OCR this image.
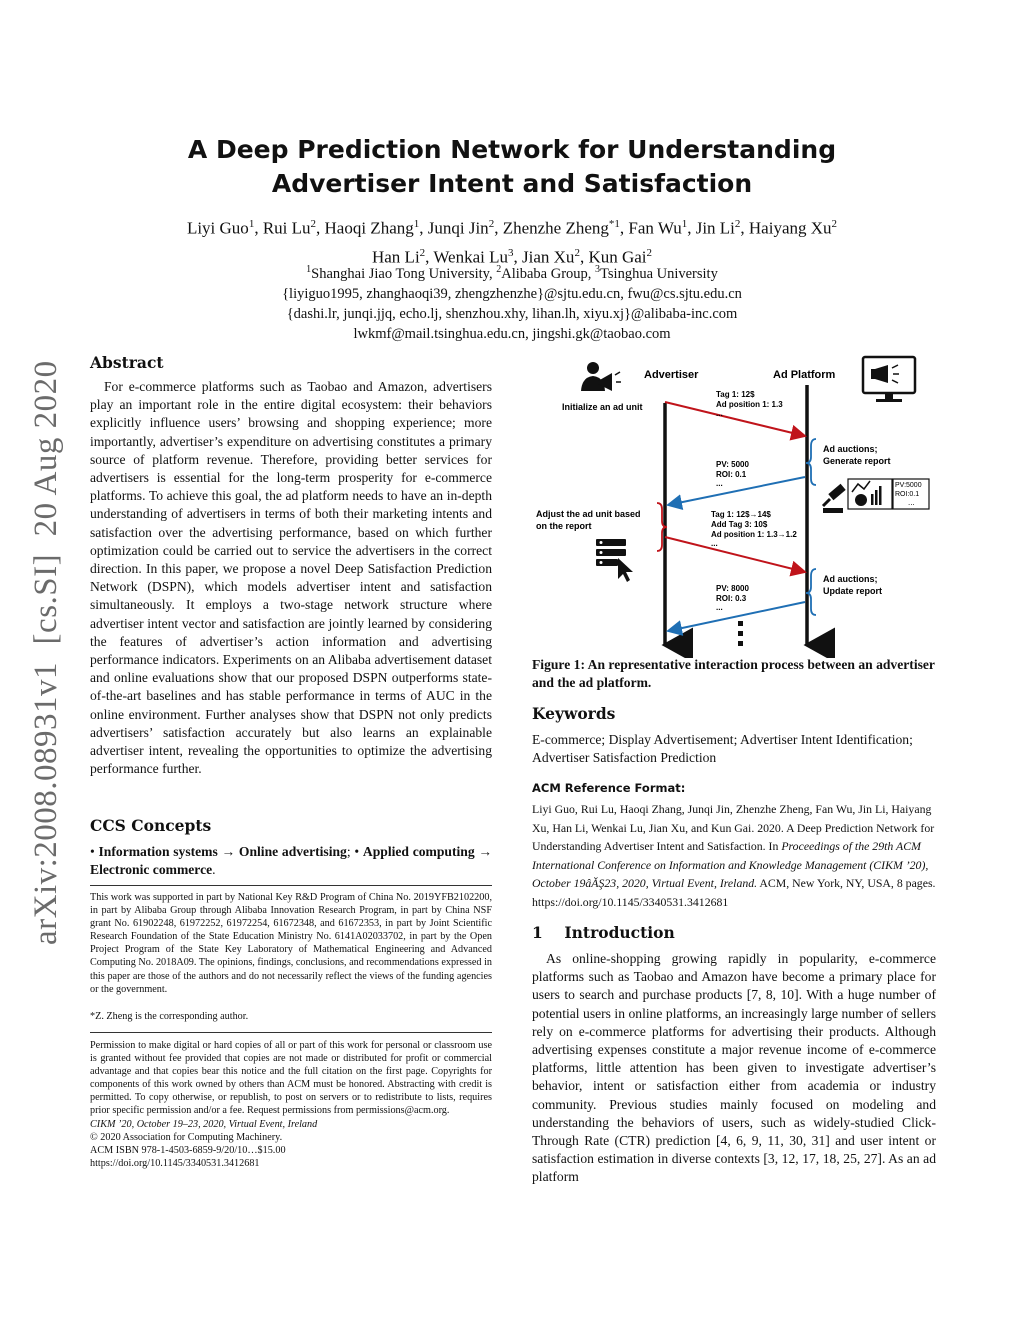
A Deep Prediction Network for Understanding
Advertiser Intent and Satisfaction
Liyi Guo$^1$, Rui Lu$^2$, Haoqi Zhang$^1$, Junqi Jin$^2$, Zhenzhe Zheng$^{*1}$, Fan Wu$^1$, Jin Li$^2$, Haiyang Xu$^2$
Han Li$^2$, Wenkai Lu$^3$, Jian Xu$^2$, Kun Gai$^2$
$^1$Shanghai Jiao Tong University, $^2$Alibaba Group, $^3$Tsinghua University
{liyiguo1995, zhanghaoqi39, zhengzhenzhe}@sjtu.edu.cn, fwu@cs.sjtu.edu.cn
{dashi.lr, junqi.jjq, echo.lj, shenzhou.xhy, lihan.lh, xiyu.xj}@alibaba-inc.com
lwkmf@mail.tsinghua.edu.cn, jingshi.gk@taobao.com
arXiv:2008.08931v1  [cs.SI]  20 Aug 2020 Abstract

For e-commerce platforms such as Taobao and Amazon, advertisers play an important role in the entire digital ecosystem: their behaviors explicitly influence users’ browsing and shopping experience; more importantly, advertiser’s expenditure on advertising constitutes a primary source of platform revenue. Therefore, providing better services for advertisers is essential for the long-term prosperity for e-commerce platforms. To achieve this goal, the ad platform needs to have an in-depth understanding of advertisers in terms of both their marketing intents and satisfaction over the advertising performance, based on which further optimization could be carried out to service the advertisers in the correct direction. In this paper, we propose a novel Deep Satisfaction Prediction Network (DSPN), which models advertiser intent and satisfaction simultaneously. It employs a two-stage network structure where advertiser intent vector and satisfaction are jointly learned by considering the features of advertiser’s action information and advertising performance indicators. Experiments on an Alibaba advertisement dataset and online evaluations show that our proposed DSPN outperforms state-of-the-art baselines and has stable performance in terms of AUC in the online environment. Further analyses show that DSPN not only predicts advertisers’ satisfaction accurately but also learns an explainable advertiser intent, revealing the opportunities to optimize the advertising performance further.

CCS Concepts

• Information systems → Online advertising; • Applied computing → Electronic commerce.

This work was supported in part by National Key R&D Program of China No. 2019YFB2102200, in part by Alibaba Group through Alibaba Innovation Research Program, in part by China NSF grant No. 61902248, 61972252, 61972254, 61672348, and 61672353, in part by Joint Scientific Research Foundation of the State Education Ministry No. 6141A02033702, in part by the Open Project Program of the State Key Laboratory of Mathematical Engineering and Advanced Computing No. 2018A09. The opinions, findings, conclusions, and recommendations expressed in this paper are those of the authors and do not necessarily reflect the views of the funding agencies or the government.

*Z. Zheng is the corresponding author.

Permission to make digital or hard copies of all or part of this work for personal or classroom use is granted without fee provided that copies are not made or distributed for profit or commercial advantage and that copies bear this notice and the full citation on the first page. Copyrights for components of this work owned by others than ACM must be honored. Abstracting with credit is permitted. To copy otherwise, or republish, to post on servers or to redistribute to lists, requires prior specific permission and/or a fee. Request permissions from permissions@acm.org.
CIKM ’20, October 19–23, 2020, Virtual Event, Ireland
© 2020 Association for Computing Machinery.
ACM ISBN 978-1-4503-6859-9/20/10…$15.00
https://doi.org/10.1145/3340531.3412681

Advertiser	Ad Platform
Initialize an ad unit
Tag 1: 12$
Ad position 1: 1.3
...
Ad auctions;
Generate report
PV: 5000
ROI: 0.1
...	PV:5000
ROI:0.1
...
Adjust the ad unit based
on the report
Tag 1: 12$→14$
Add Tag 3: 10$
Ad position 1: 1.3→1.2
...
Ad auctions;
Update report
PV: 8000
ROI: 0.3
...

Figure 1: An representative interaction process between an advertiser and the ad platform.

Keywords

E-commerce; Display Advertisement; Advertiser Intent Identification; Advertiser Satisfaction Prediction

ACM Reference Format:

Liyi Guo, Rui Lu, Haoqi Zhang, Junqi Jin, Zhenzhe Zheng, Fan Wu, Jin Li, Haiyang Xu, Han Li, Wenkai Lu, Jian Xu, and Kun Gai. 2020. A Deep Prediction Network for Understanding Advertiser Intent and Satisfaction. In Proceedings of the 29th ACM International Conference on Information and Knowledge Management (CIKM ’20), October 19âĂŞ23, 2020, Virtual Event, Ireland. ACM, New York, NY, USA, 8 pages. https://doi.org/10.1145/3340531.3412681

1 Introduction

As online-shopping growing rapidly in popularity, e-commerce platforms such as Taobao and Amazon have become a primary place for users to search and purchase products [7, 8, 10]. With a huge number of potential users in online platforms, an increasingly large number of sellers rely on e-commerce platforms for advertising their products. Although advertising expenses constitute a major revenue income of e-commerce platforms, little attention has been given to investigate advertiser’s behavior, intent or satisfaction either from academia or industry community. Previous studies mainly focused on modeling and understanding the behaviors of users, such as widely-studied Click-Through Rate (CTR) prediction [4, 6, 9, 11, 30, 31] and user intent or satisfaction estimation in diverse contexts [3, 12, 17, 18, 25, 27]. As an ad platform
